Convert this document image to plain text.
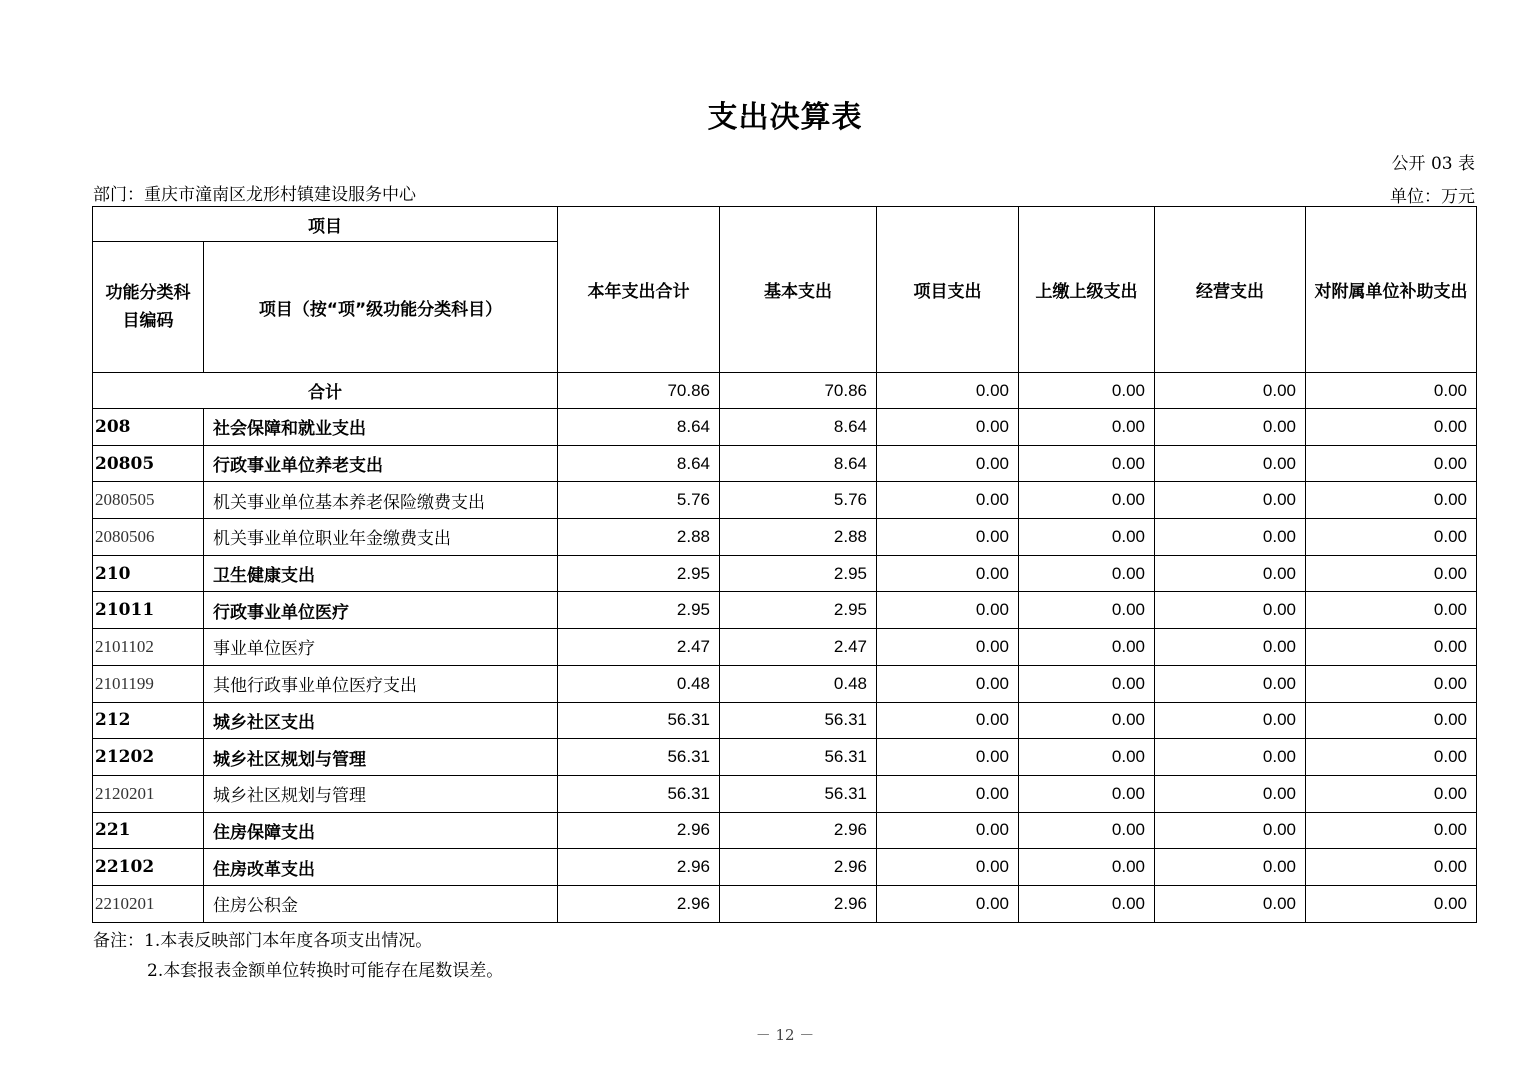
支出决算表
公开 03 表
部门：重庆市潼南区龙形村镇建设服务中心	单位：万元
项目		本年支出合计	基本支出	项目支出	上缴上级支出	经营支出	对附属单位补助支出
功能分类科目编码	项目（按“项”级功能分类科目）						
合计		70.86	70.86	0.00	0.00	0.00	0.00
208	社会保障和就业支出	8.64	8.64	0.00	0.00	0.00	0.00
20805	行政事业单位养老支出	8.64	8.64	0.00	0.00	0.00	0.00
2080505	机关事业单位基本养老保险缴费支出	5.76	5.76	0.00	0.00	0.00	0.00
2080506	机关事业单位职业年金缴费支出	2.88	2.88	0.00	0.00	0.00	0.00
210	卫生健康支出	2.95	2.95	0.00	0.00	0.00	0.00
21011	行政事业单位医疗	2.95	2.95	0.00	0.00	0.00	0.00
2101102	事业单位医疗	2.47	2.47	0.00	0.00	0.00	0.00
2101199	其他行政事业单位医疗支出	0.48	0.48	0.00	0.00	0.00	0.00
212	城乡社区支出	56.31	56.31	0.00	0.00	0.00	0.00
21202	城乡社区规划与管理	56.31	56.31	0.00	0.00	0.00	0.00
2120201	城乡社区规划与管理	56.31	56.31	0.00	0.00	0.00	0.00
221	住房保障支出	2.96	2.96	0.00	0.00	0.00	0.00
22102	住房改革支出	2.96	2.96	0.00	0.00	0.00	0.00
2210201	住房公积金	2.96	2.96	0.00	0.00	0.00	0.00
备注：1.本表反映部门本年度各项支出情况。
2.本套报表金额单位转换时可能存在尾数误差。
－ 12 －
